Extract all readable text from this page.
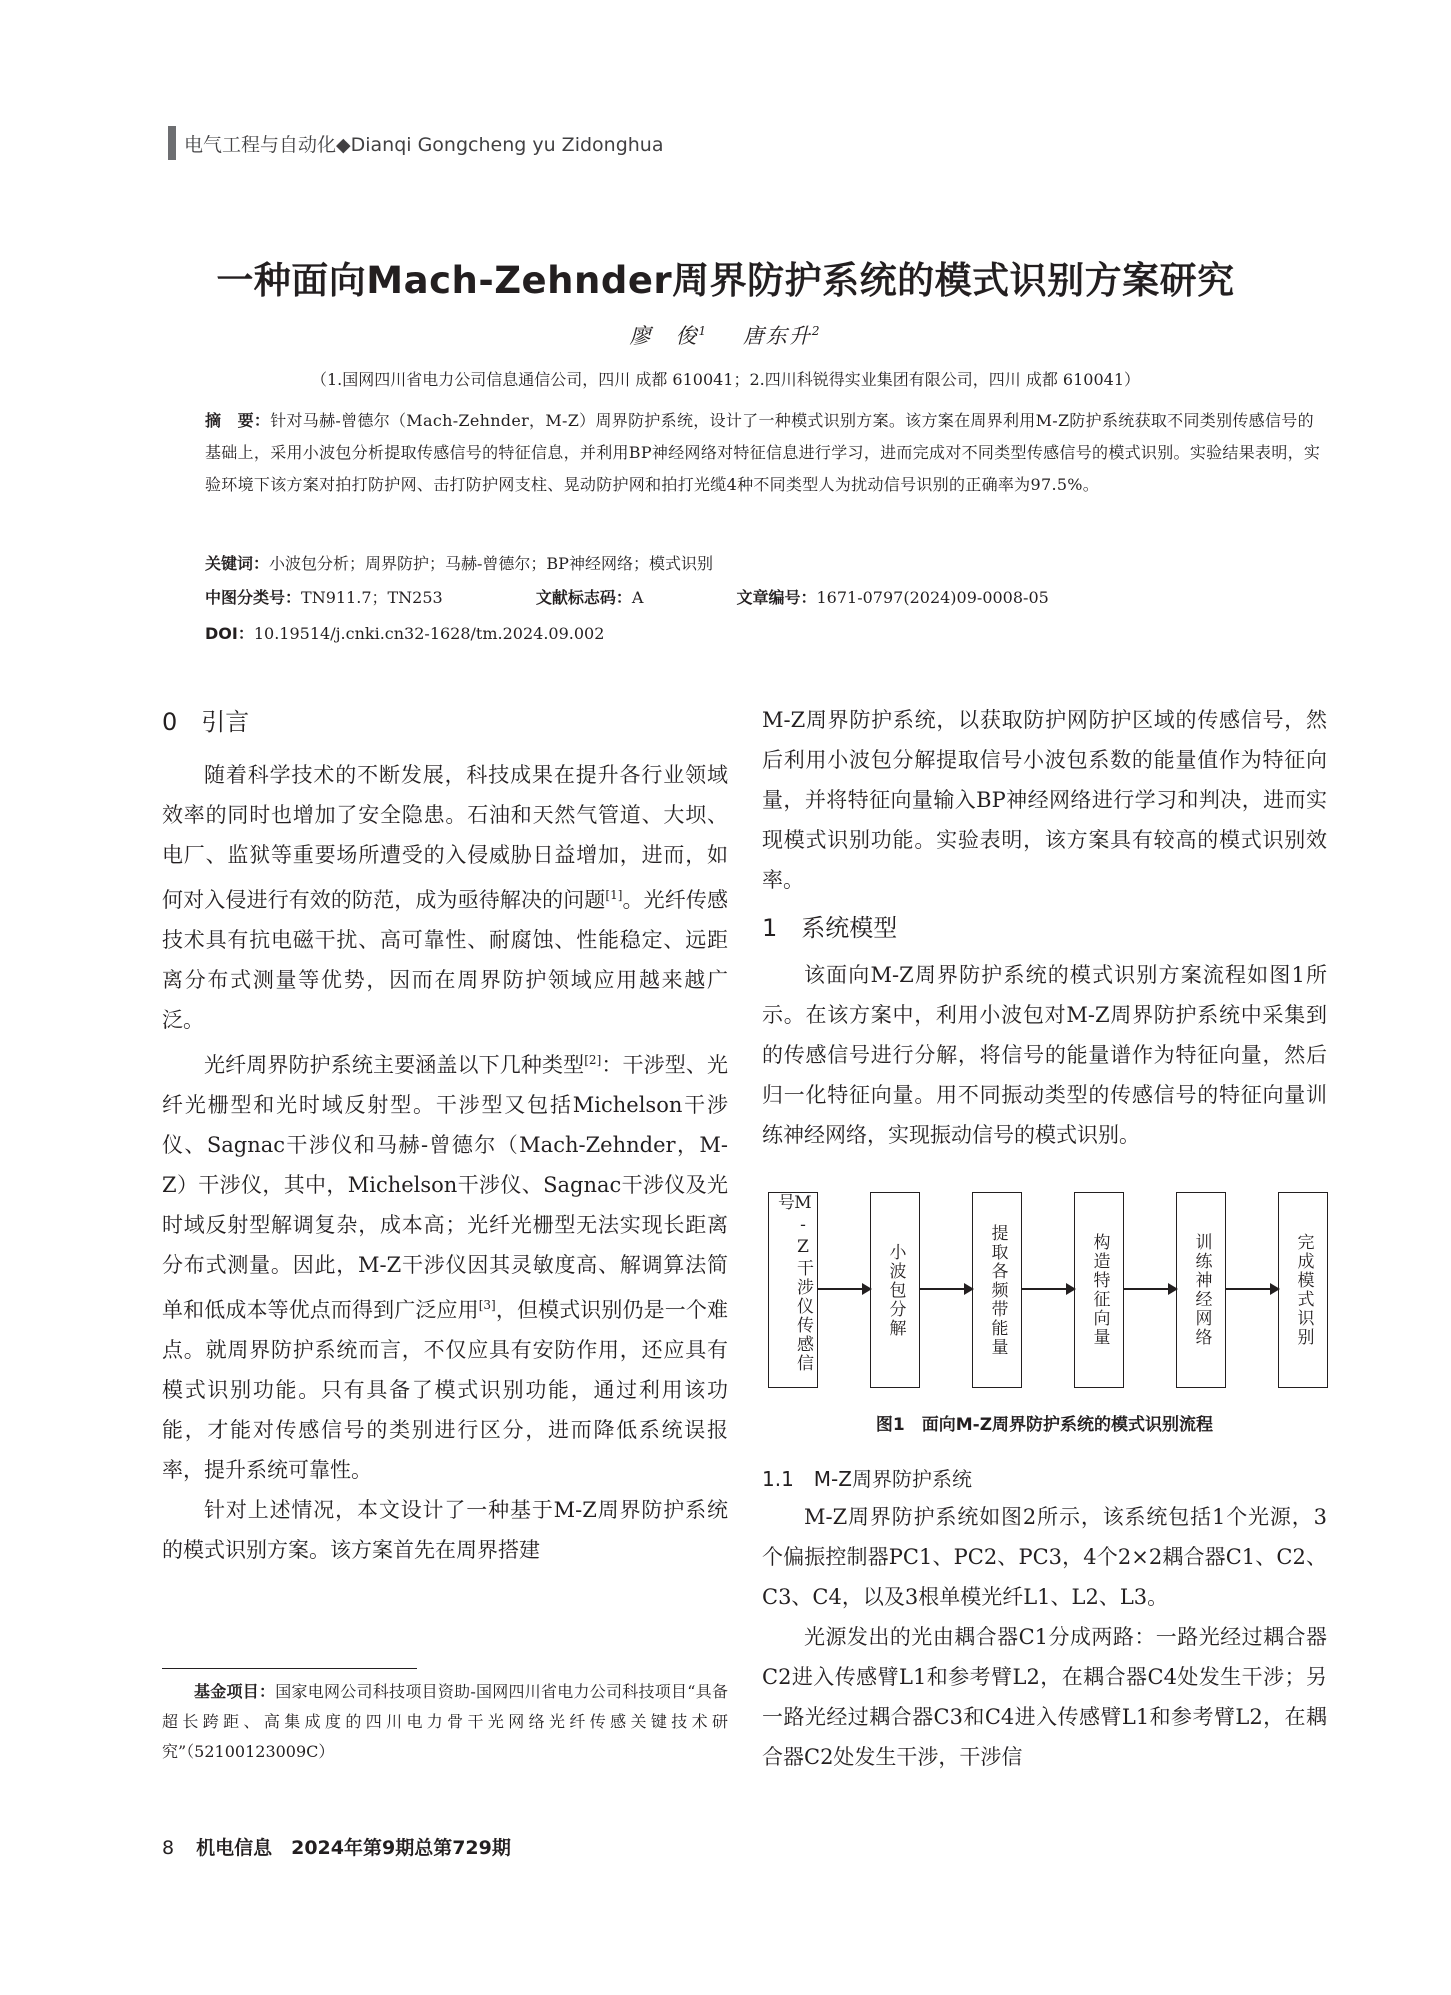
电气工程与自动化◆Dianqi Gongcheng yu Zidonghua
一种面向Mach-Zehnder周界防护系统的模式识别方案研究
廖　俊$^1$ 唐东升$^2$
（1.国网四川省电力公司信息通信公司，四川 成都 610041；2.四川科锐得实业集团有限公司，四川 成都 610041）
摘　要：针对马赫-曾德尔（Mach-Zehnder，M-Z）周界防护系统，设计了一种模式识别方案。该方案在周界利用M-Z防护系统获取不同类别传感信号的基础上，采用小波包分析提取传感信号的特征信息，并利用BP神经网络对特征信息进行学习，进而完成对不同类型传感信号的模式识别。实验结果表明，实验环境下该方案对拍打防护网、击打防护网支柱、晃动防护网和拍打光缆4种不同类型人为扰动信号识别的正确率为97.5%。
关键词：小波包分析；周界防护；马赫-曾德尔；BP神经网络；模式识别
中图分类号：TN911.7；TN253	文献标志码：A	文章编号：1671-0797(2024)09-0008-05
DOI：10.19514/j.cnki.cn32-1628/tm.2024.09.002
0　引言

随着科学技术的不断发展，科技成果在提升各行业领域效率的同时也增加了安全隐患。石油和天然气管道、大坝、电厂、监狱等重要场所遭受的入侵威胁日益增加，进而，如何对入侵进行有效的防范，成为亟待解决的问题[1]。光纤传感技术具有抗电磁干扰、高可靠性、耐腐蚀、性能稳定、远距离分布式测量等优势，因而在周界防护领域应用越来越广泛。

光纤周界防护系统主要涵盖以下几种类型[2]：干涉型、光纤光栅型和光时域反射型。干涉型又包括Michelson干涉仪、Sagnac干涉仪和马赫-曾德尔（Mach-Zehnder，M-Z）干涉仪，其中，Michelson干涉仪、Sagnac干涉仪及光时域反射型解调复杂，成本高；光纤光栅型无法实现长距离分布式测量。因此，M-Z干涉仪因其灵敏度高、解调算法简单和低成本等优点而得到广泛应用[3]，但模式识别仍是一个难点。就周界防护系统而言，不仅应具有安防作用，还应具有模式识别功能。只有具备了模式识别功能，通过利用该功能，才能对传感信号的类别进行区分，进而降低系统误报率，提升系统可靠性。

针对上述情况，本文设计了一种基于M-Z周界防护系统的模式识别方案。该方案首先在周界搭建

M-Z周界防护系统，以获取防护网防护区域的传感信号，然后利用小波包分解提取信号小波包系数的能量值作为特征向量，并将特征向量输入BP神经网络进行学习和判决，进而实现模式识别功能。实验表明，该方案具有较高的模式识别效率。

1　系统模型

该面向M-Z周界防护系统的模式识别方案流程如图1所示。在该方案中，利用小波包对M-Z周界防护系统中采集到的传感信号进行分解，将信号的能量谱作为特征向量，然后归一化特征向量。用不同振动类型的传感信号的特征向量训练神经网络，实现振动信号的模式识别。

M-Z干涉仪传感信号
小波包分解	提取各频带能量	构造特征向量	训练神经网络	完成模式识别
图1　面向M-Z周界防护系统的模式识别流程
1.1　M-Z周界防护系统

M-Z周界防护系统如图2所示，该系统包括1个光源，3个偏振控制器PC1、PC2、PC3，4个2×2耦合器C1、C2、C3、C4，以及3根单模光纤L1、L2、L3。

光源发出的光由耦合器C1分成两路：一路光经过耦合器C2进入传感臂L1和参考臂L2，在耦合器C4处发生干涉；另一路光经过耦合器C3和C4进入传感臂L1和参考臂L2，在耦合器C2处发生干涉，干涉信

基金项目：国家电网公司科技项目资助-国网四川省电力公司科技项目“具备超长跨距、高集成度的四川电力骨干光网络光纤传感关键技术研究”（52100123009C）

8 机电信息　2024年第9期总第729期
